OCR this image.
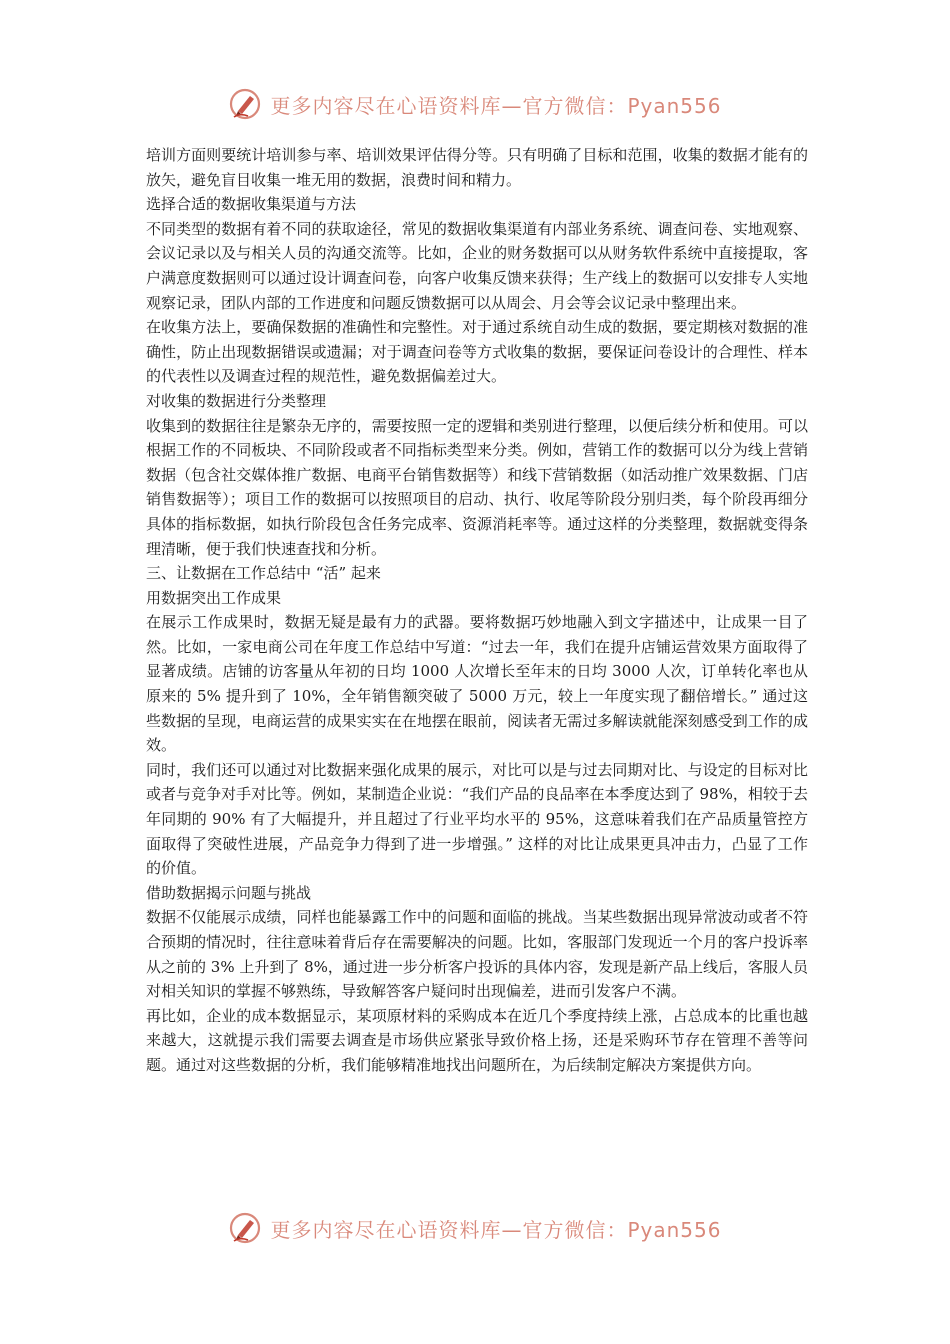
更多内容尽在心语资料库—官方微信：Pyan556

培训方面则要统计培训参与率、培训效果评估得分等。只有明确了目标和范围，收集的数据才能有的放矢，避免盲目收集一堆无用的数据，浪费时间和精力。

选择合适的数据收集渠道与方法

不同类型的数据有着不同的获取途径，常见的数据收集渠道有内部业务系统、调查问卷、实地观察、会议记录以及与相关人员的沟通交流等。比如，企业的财务数据可以从财务软件系统中直接提取，客户满意度数据则可以通过设计调查问卷，向客户收集反馈来获得；生产线上的数据可以安排专人实地观察记录，团队内部的工作进度和问题反馈数据可以从周会、月会等会议记录中整理出来。

在收集方法上，要确保数据的准确性和完整性。对于通过系统自动生成的数据，要定期核对数据的准确性，防止出现数据错误或遗漏；对于调查问卷等方式收集的数据，要保证问卷设计的合理性、样本的代表性以及调查过程的规范性，避免数据偏差过大。

对收集的数据进行分类整理

收集到的数据往往是繁杂无序的，需要按照一定的逻辑和类别进行整理，以便后续分析和使用。可以根据工作的不同板块、不同阶段或者不同指标类型来分类。例如，营销工作的数据可以分为线上营销数据（包含社交媒体推广数据、电商平台销售数据等）和线下营销数据（如活动推广效果数据、门店销售数据等）；项目工作的数据可以按照项目的启动、执行、收尾等阶段分别归类，每个阶段再细分具体的指标数据，如执行阶段包含任务完成率、资源消耗率等。通过这样的分类整理，数据就变得条理清晰，便于我们快速查找和分析。

三、让数据在工作总结中 “活” 起来

用数据突出工作成果

在展示工作成果时，数据无疑是最有力的武器。要将数据巧妙地融入到文字描述中，让成果一目了然。比如，一家电商公司在年度工作总结中写道：“过去一年，我们在提升店铺运营效果方面取得了显著成绩。店铺的访客量从年初的日均 1000 人次增长至年末的日均 3000 人次，订单转化率也从原来的 5% 提升到了 10%，全年销售额突破了 5000 万元，较上一年度实现了翻倍增长。” 通过这些数据的呈现，电商运营的成果实实在在地摆在眼前，阅读者无需过多解读就能深刻感受到工作的成效。

同时，我们还可以通过对比数据来强化成果的展示，对比可以是与过去同期对比、与设定的目标对比或者与竞争对手对比等。例如，某制造企业说：“我们产品的良品率在本季度达到了 98%，相较于去年同期的 90% 有了大幅提升，并且超过了行业平均水平的 95%，这意味着我们在产品质量管控方面取得了突破性进展，产品竞争力得到了进一步增强。” 这样的对比让成果更具冲击力，凸显了工作的价值。

借助数据揭示问题与挑战

数据不仅能展示成绩，同样也能暴露工作中的问题和面临的挑战。当某些数据出现异常波动或者不符合预期的情况时，往往意味着背后存在需要解决的问题。比如，客服部门发现近一个月的客户投诉率从之前的 3% 上升到了 8%，通过进一步分析客户投诉的具体内容，发现是新产品上线后，客服人员对相关知识的掌握不够熟练，导致解答客户疑问时出现偏差，进而引发客户不满。

再比如，企业的成本数据显示，某项原材料的采购成本在近几个季度持续上涨，占总成本的比重也越来越大，这就提示我们需要去调查是市场供应紧张导致价格上扬，还是采购环节存在管理不善等问题。通过对这些数据的分析，我们能够精准地找出问题所在，为后续制定解决方案提供方向。

更多内容尽在心语资料库—官方微信：Pyan556
